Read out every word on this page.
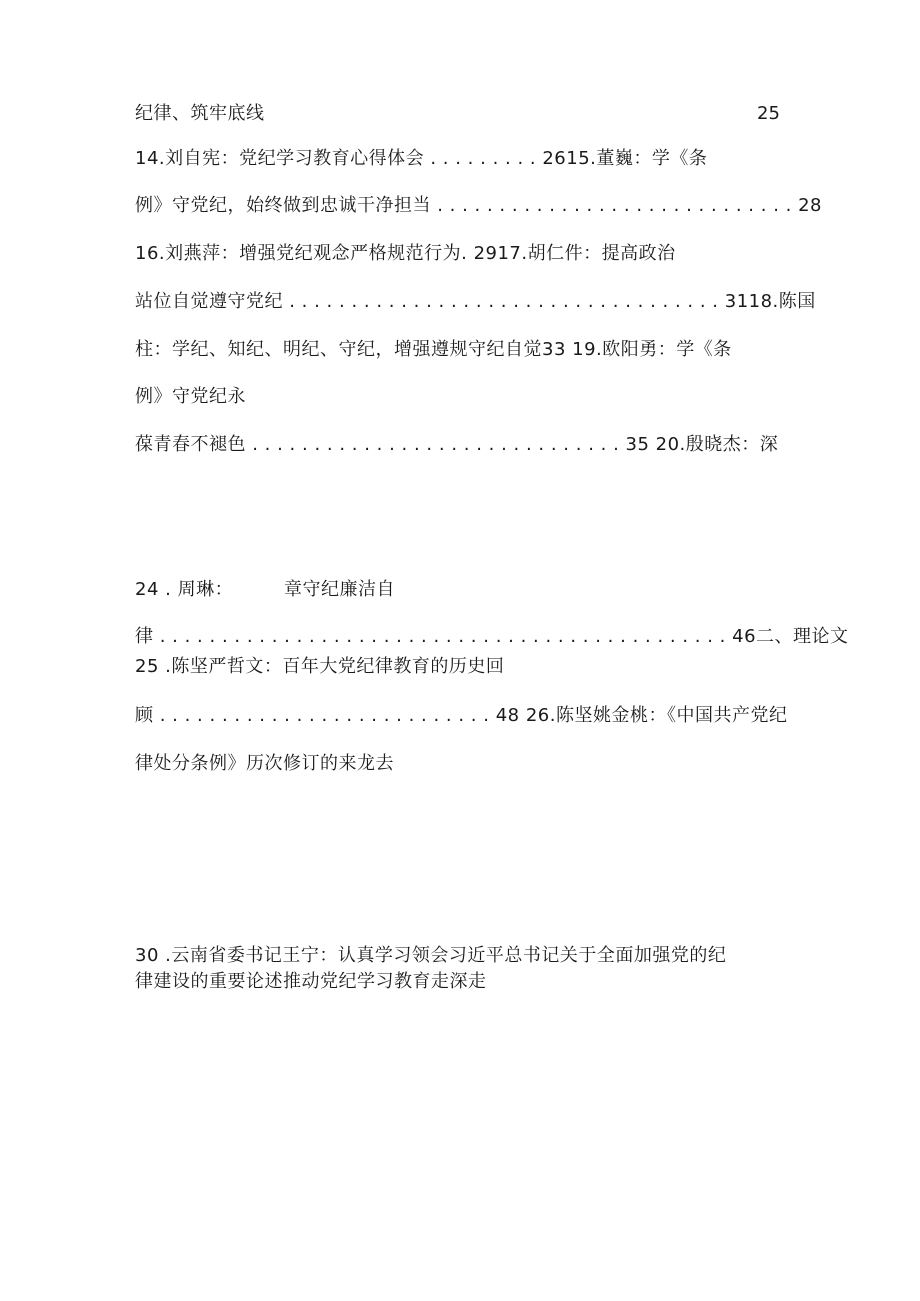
纪律、筑牢底线	25
14.刘自宪：党纪学习教育心得体会 . . . . . . . . . 2615.董巍：学《条
例》守党纪，始终做到忠诚干净担当 . . . . . . . . . . . . . . . . . . . . . . . . . . . . . 28
16.刘燕萍：增强党纪观念严格规范行为. 2917.胡仁件：提高政治
站位自觉遵守党纪 . . . . . . . . . . . . . . . . . . . . . . . . . . . . . . . . . . . 3118.陈国
柱：学纪、知纪、明纪、守纪，增强遵规守纪自觉33 19.欧阳勇：学《条
例》守党纪永
葆青春不褪色 . . . . . . . . . . . . . . . . . . . . . . . . . . . . . . 35 20.殷晓杰：深
24 . 周琳：	章守纪廉洁自
律 . . . . . . . . . . . . . . . . . . . . . . . . . . . . . . . . . . . . . . . . . . . . . . 46二、理论文
25 .陈坚严哲文：百年大党纪律教育的历史回
顾 . . . . . . . . . . . . . . . . . . . . . . . . . . . 48 26.陈坚姚金桃：《中国共产党纪
律处分条例》历次修订的来龙去
30 .云南省委书记王宁：认真学习领会习近平总书记关于全面加强党的纪
律建设的重要论述推动党纪学习教育走深走
